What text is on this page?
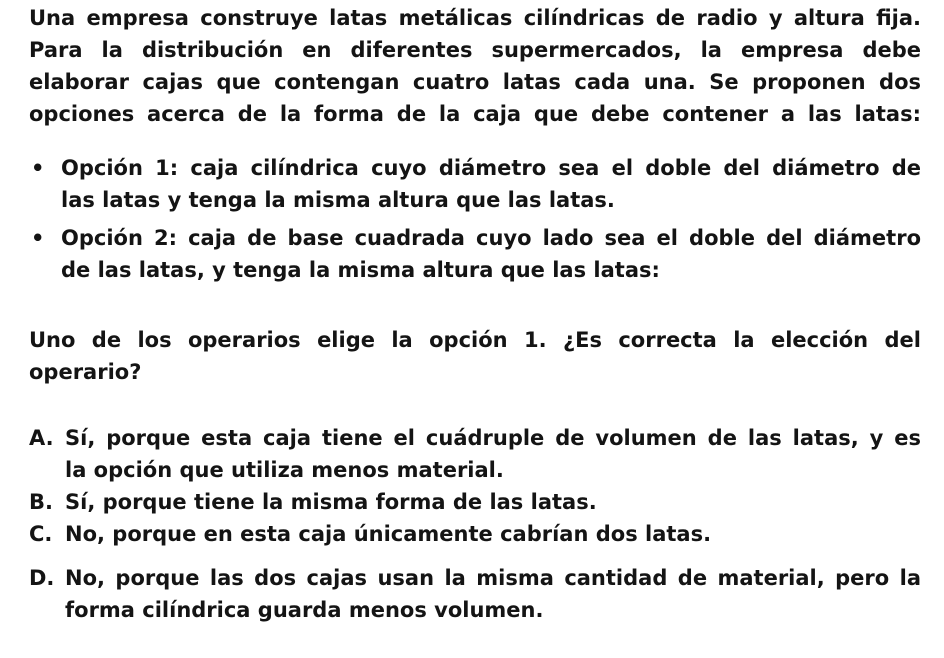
Una empresa construye latas metálicas cilíndricas de radio y altura fija.
Para la distribución en diferentes supermercados, la empresa debe
elaborar cajas que contengan cuatro latas cada una. Se proponen dos
opciones acerca de la forma de la caja que debe contener a las latas:
• Opción 1: caja cilíndrica cuyo diámetro sea el doble del diámetro de
las latas y tenga la misma altura que las latas.
• Opción 2: caja de base cuadrada cuyo lado sea el doble del diámetro
de las latas, y tenga la misma altura que las latas:
Uno de los operarios elige la opción 1. ¿Es correcta la elección del
operario?
A. Sí, porque esta caja tiene el cuádruple de volumen de las latas, y es
la opción que utiliza menos material.
B. Sí, porque tiene la misma forma de las latas.
C. No, porque en esta caja únicamente cabrían dos latas.
D. No, porque las dos cajas usan la misma cantidad de material, pero la
forma cilíndrica guarda menos volumen.
